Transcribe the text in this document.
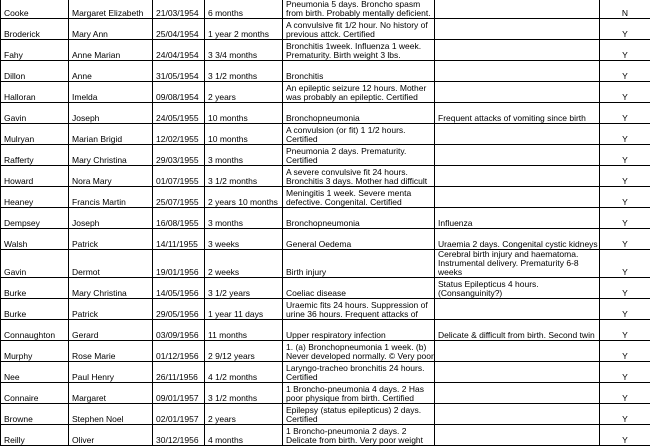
Cooke	Margaret Elizabeth	21/03/1954	6 months	Pneumonia 5 days. Broncho spasm from birth. Probably mentally deficient.		N
Broderick	Mary Ann	25/04/1954	1 year 2 months	A convulsive fit 1/2 hour. No history of previous attck. Certified		Y
Fahy	Anne Marian	24/04/1954	3 3/4 months	Bronchitis 1week. Influenza 1 week. Prematurity. Birth weight 3 lbs.		Y
Dillon	Anne	31/05/1954	3 1/2 months	Bronchitis		Y
Halloran	Imelda	09/08/1954	2 years	An epileptic seizure 12 hours. Mother was probably an epileptic. Certified		Y
Gavin	Joseph	24/05/1955	10 months	Bronchopneumonia	Frequent attacks of vomiting since birth	Y
Mulryan	Marian Brigid	12/02/1955	10 months	A convulsion (or fit) 1 1/2 hours. Certified		Y
Rafferty	Mary Christina	29/03/1955	3 months	Pneumonia 2 days. Prematurity. Certified		Y
Howard	Nora Mary	01/07/1955	3 1/2 months	A severe convulsive fit 24 hours. Bronchitis 3 days. Mother had difficult		Y
Heaney	Francis Martin	25/07/1955	2 years 10 months	Meningitis 1 week. Severe menta defective. Congenital. Certified		Y
Dempsey	Joseph	16/08/1955	3 months	Bronchopneumonia	Influenza	Y
Walsh	Patrick	14/11/1955	3 weeks	General Oedema	Uraemia 2 days. Congenital cystic kidneys	Y
Gavin	Dermot	19/01/1956	2 weeks	Birth injury	Cerebral birth injury and haematoma. Instrumental delivery. Prematurity 6-8 weeks	Y
Burke	Mary Christina	14/05/1956	3 1/2 years	Coeliac disease	Status Epilepticus 4 hours. (Consanguinity?)	Y
Burke	Patrick	29/05/1956	1 year 11 days	Uraemic fits 24 hours. Suppression of urine 36 hours. Frequent attacks of		Y
Connaughton	Gerard	03/09/1956	11 months	Upper respiratory infection	Delicate & difficult from birth. Second twin	Y
Murphy	Rose Marie	01/12/1956	2 9/12 years	1. (a) Bronchopneumonia 1 week. (b) Never developed normally. © Very poor		Y
Nee	Paul Henry	26/11/1956	4 1/2 months	Laryngo-tracheo bronchitis 24 hours. Certified		Y
Connaire	Margaret	09/01/1957	3 1/2 months	1 Broncho-pneumonia 4 days. 2 Has poor physique from birth. Certified		Y
Browne	Stephen Noel	02/01/1957	2 years	Epilepsy (status epilepticus) 2 days. Certified		Y
Reilly	Oliver	30/12/1956	4 months	1 Broncho-pneumonia 2 days. 2 Delicate from birth. Very poor weight		Y
